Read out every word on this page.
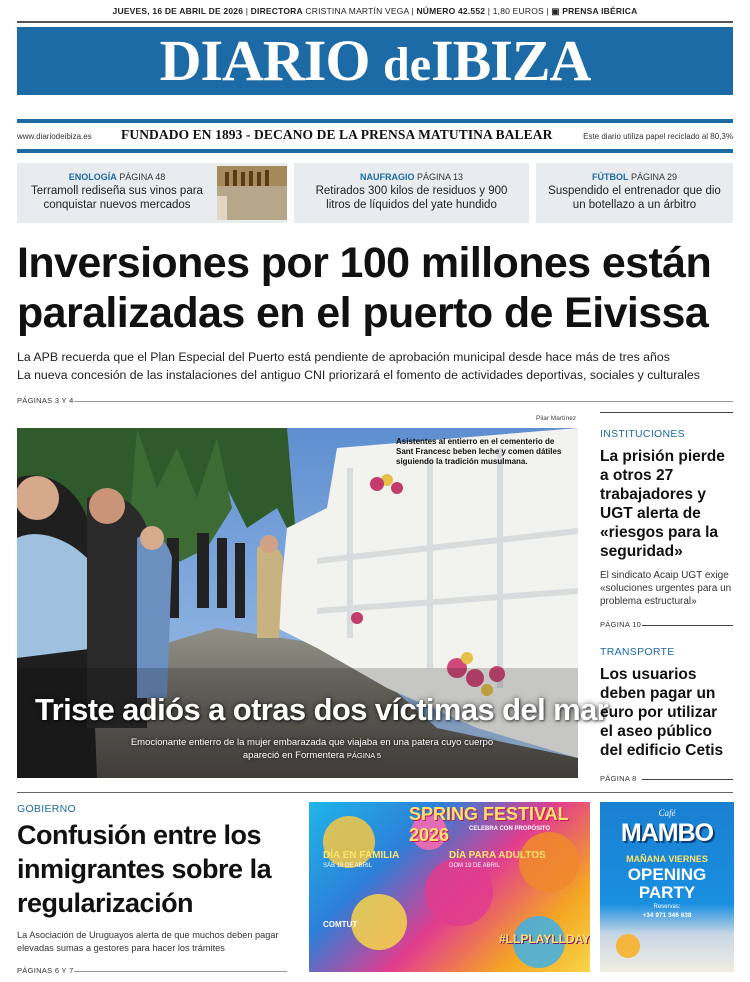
JUEVES, 16 DE ABRIL DE 2026 | DIRECTORA CRISTINA MARTÍN VEGA | NÚMERO 42.552 | 1,80 EUROS | ▣ PRENSA IBÉRICA
DIARIO deIBIZA
www.diariodeibiza.es FUNDADO EN 1893 - DECANO DE LA PRENSA MATUTINA BALEAR	Este diario utiliza papel reciclado al 80,3%
ENOLOGÍA PÁGINA 48
Terramoll rediseña sus vinos para conquistar nuevos mercados
NAUFRAGIO PÁGINA 13
Retirados 300 kilos de residuos y 900 litros de líquidos del yate hundido
FÚTBOL PÁGINA 29
Suspendido el entrenador que dio un botellazo a un árbitro
Inversiones por 100 millones están
paralizadas en el puerto de Eivissa
La APB recuerda que el Plan Especial del Puerto está pendiente de aprobación municipal desde hace más de tres años
La nueva concesión de las instalaciones del antiguo CNI priorizará el fomento de actividades deportivas, sociales y culturales
PÁGINAS 3 Y 4
Pilar Martínez
Asistentes al entierro en el cementerio de Sant Francesc beben leche y comen dátiles siguiendo la tradición musulmana.
Triste adiós a otras dos víctimas del mar
Emocionante entierro de la mujer embarazada que viajaba en una patera cuyo cuerpo apareció en Formentera PÁGINA 5
INSTITUCIONES
La prisión pierde a otros 27 trabajadores y UGT alerta de «riesgos para la seguridad»
El sindicato Acaip UGT exige «soluciones urgentes para un problema estructural»
PÁGINA 10
TRANSPORTE
Los usuarios deben pagar un euro por utilizar el aseo público del edificio Cetis
PÁGINA 8
GOBIERNO
Confusión entre los inmigrantes sobre la regularización
La Asociación de Uruguayos alerta de que muchos deben pagar elevadas sumas a gestores para hacer los trámites
PÁGINAS 6 Y 7
SPRING FESTIVAL 2026	CELEBRA CON PROPÓSITO
DÍA EN FAMILIA
SÁB 18 DE ABRIL
DÍA PARA ADULTOS
DOM 19 DE ABRIL
COMTUT
#LLPLAYLLDAY
Café
MAMBO
MAÑANA VIERNES
OPENING
PARTY
Reservas:
+34 971 346 638
